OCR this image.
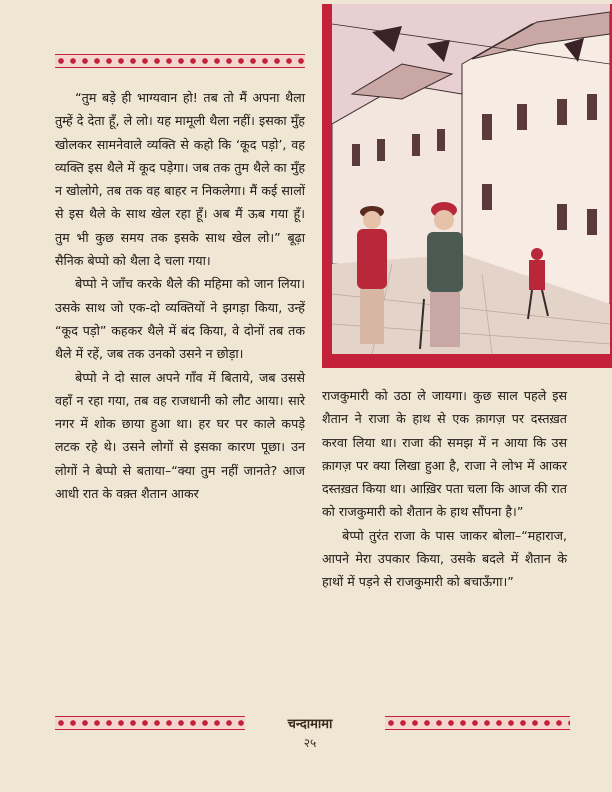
“तुम बड़े ही भाग्यवान हो! तब तो मैं अपना थैला तुम्हें दे देता हूँ, ले लो। यह मामूली थैला नहीं। इसका मुँह खोलकर सामनेवाले व्यक्ति से कहो कि ‘कूद पड़ो’, वह व्यक्ति इस थैले में कूद पड़ेगा। जब तक तुम थैले का मुँह न खोलोगे, तब तक वह बाहर न निकलेगा। मैं कई सालों से इस थैले के साथ खेल रहा हूँ। अब मैं ऊब गया हूँ। तुम भी कुछ समय तक इसके साथ खेल लो।” बूढ़ा सैनिक बेप्पो को थैला दे चला गया।

बेप्पो ने जाँच करके थैले की महिमा को जान लिया। उसके साथ जो एक-दो व्यक्तियों ने झगड़ा किया, उन्हें “कूद पड़ो” कहकर थैले में बंद किया, वे दोनों तब तक थैले में रहें, जब तक उनको उसने न छोड़ा।

बेप्पो ने दो साल अपने गाँव में बिताये, जब उससे वहाँ न रहा गया, तब वह राजधानी को लौट आया। सारे नगर में शोक छाया हुआ था। हर घर पर काले कपड़े लटक रहे थे। उसने लोगों से इसका कारण पूछा। उन लोगों ने बेप्पो से बताया–“क्या तुम नहीं जानते? आज आधी रात के वक़्त शैतान आकर

राजकुमारी को उठा ले जायगा। कुछ साल पहले इस शैतान ने राजा के हाथ से एक क़ागज़ पर दस्तख़त करवा लिया था। राजा की समझ में न आया कि उस क़ागज़ पर क्या लिखा हुआ है, राजा ने लोभ में आकर दस्तख़त किया था। आख़िर पता चला कि आज की रात को राजकुमारी को शैतान के हाथ सौंपना है।”

बेप्पो तुरंत राजा के पास जाकर बोला–“महाराज, आपने मेरा उपकार किया, उसके बदले में शैतान के हाथों में पड़ने से राजकुमारी को बचाऊँगा।”

चन्दामामा
२५
